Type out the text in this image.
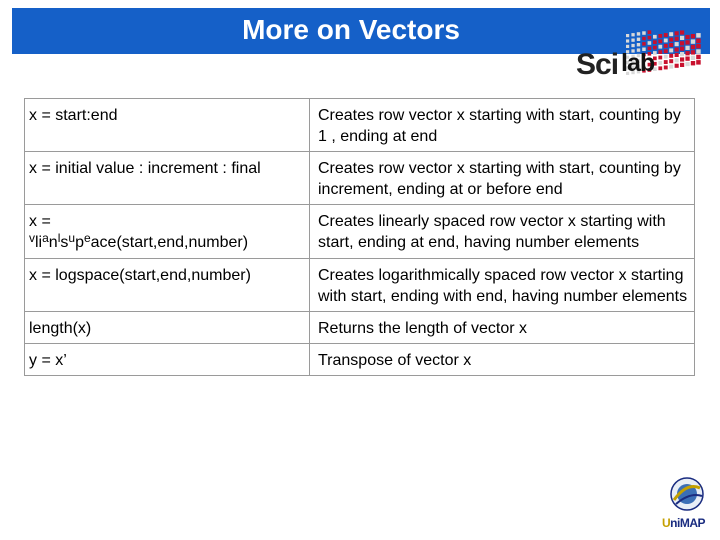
More on Vectors
Sci lab
x = start:end	Creates row vector x starting with start, counting by 1 , ending at end
x = initial value : increment : final	Creates row vector x starting with start, counting by increment, ending at or before end
x =
$^vli^an^ls^up^eace(start,end,number)$	Creates linearly spaced row vector x starting with start, ending at end, having number elements
x = logspace(start,end,number)	Creates logarithmically spaced row vector x starting with start, ending with end, having number elements
length(x)	Returns the length of vector x
y = x’	Transpose of vector x
UniMAP
